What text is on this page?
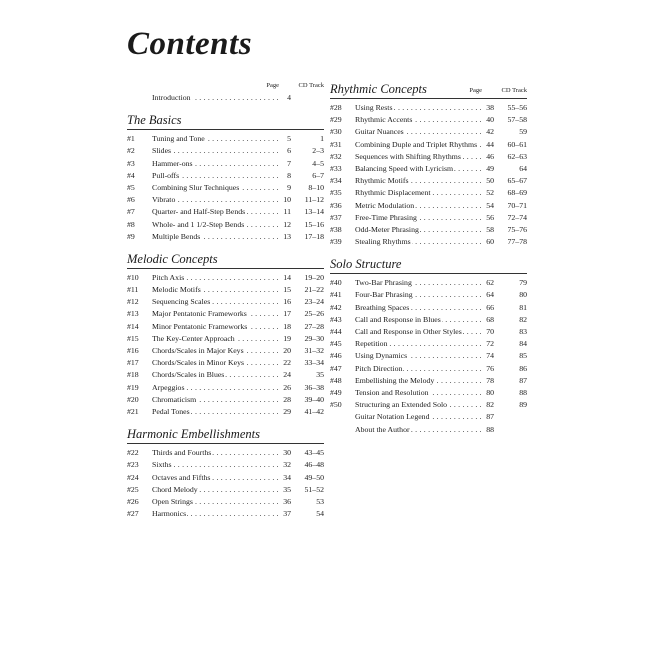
Contents
Page	CD Track
Introduction . . .	4
The Basics
#1	Tuning and Tone . . .	5	1
#2	Slides . . .	6	2–3
#3	Hammer-ons . . .	7	4–5
#4	Pull-offs . . .	8	6–7
#5	Combining Slur Techniques . . .	9	8–10
#6	Vibrato . . .	10	11–12
#7	Quarter- and Half-Step Bends . . .	11	13–14
#8	Whole- and 1 1/2-Step Bends . . .	12	15–16
#9	Multiple Bends . . .	13	17–18
Melodic Concepts
#10	Pitch Axis . . .	14	19–20
#11	Melodic Motifs . . .	15	21–22
#12	Sequencing Scales . . .	16	23–24
#13	Major Pentatonic Frameworks . . .	17	25–26
#14	Minor Pentatonic Frameworks . . .	18	27–28
#15	The Key-Center Approach . . .	19	29–30
#16	Chords/Scales in Major Keys . . .	20	31–32
#17	Chords/Scales in Minor Keys . . .	22	33–34
#18	Chords/Scales in Blues . . .	24	35
#19	Arpeggios . . .	26	36–38
#20	Chromaticism . . .	28	39–40
#21	Pedal Tones . . .	29	41–42
Harmonic Embellishments
#22	Thirds and Fourths . . .	30	43–45
#23	Sixths . . .	32	46–48
#24	Octaves and Fifths . . .	34	49–50
#25	Chord Melody . . .	35	51–52
#26	Open Strings . . .	36	53
#27	Harmonics . . .	37	54
Rhythmic Concepts	Page	CD Track
#28	Using Rests . . .	38	55–56
#29	Rhythmic Accents . . .	40	57–58
#30	Guitar Nuances . . .	42	59
#31	Combining Duple and Triplet Rhythms . . .	44	60–61
#32	Sequences with Shifting Rhythms . . .	46	62–63
#33	Balancing Speed with Lyricism . . .	49	64
#34	Rhythmic Motifs . . .	50	65–67
#35	Rhythmic Displacement . . .	52	68–69
#36	Metric Modulation . . .	54	70–71
#37	Free-Time Phrasing . . .	56	72–74
#38	Odd-Meter Phrasing . . .	58	75–76
#39	Stealing Rhythms . . .	60	77–78
Solo Structure
#40	Two-Bar Phrasing . . .	62	79
#41	Four-Bar Phrasing . . .	64	80
#42	Breathing Spaces . . .	66	81
#43	Call and Response in Blues . . .	68	82
#44	Call and Response in Other Styles . . .	70	83
#45	Repetition . . .	72	84
#46	Using Dynamics . . .	74	85
#47	Pitch Direction . . .	76	86
#48	Embellishing the Melody . . .	78	87
#49	Tension and Resolution . . .	80	88
#50	Structuring an Extended Solo . . .	82	89
Guitar Notation Legend . . .	87
About the Author . . .	88
